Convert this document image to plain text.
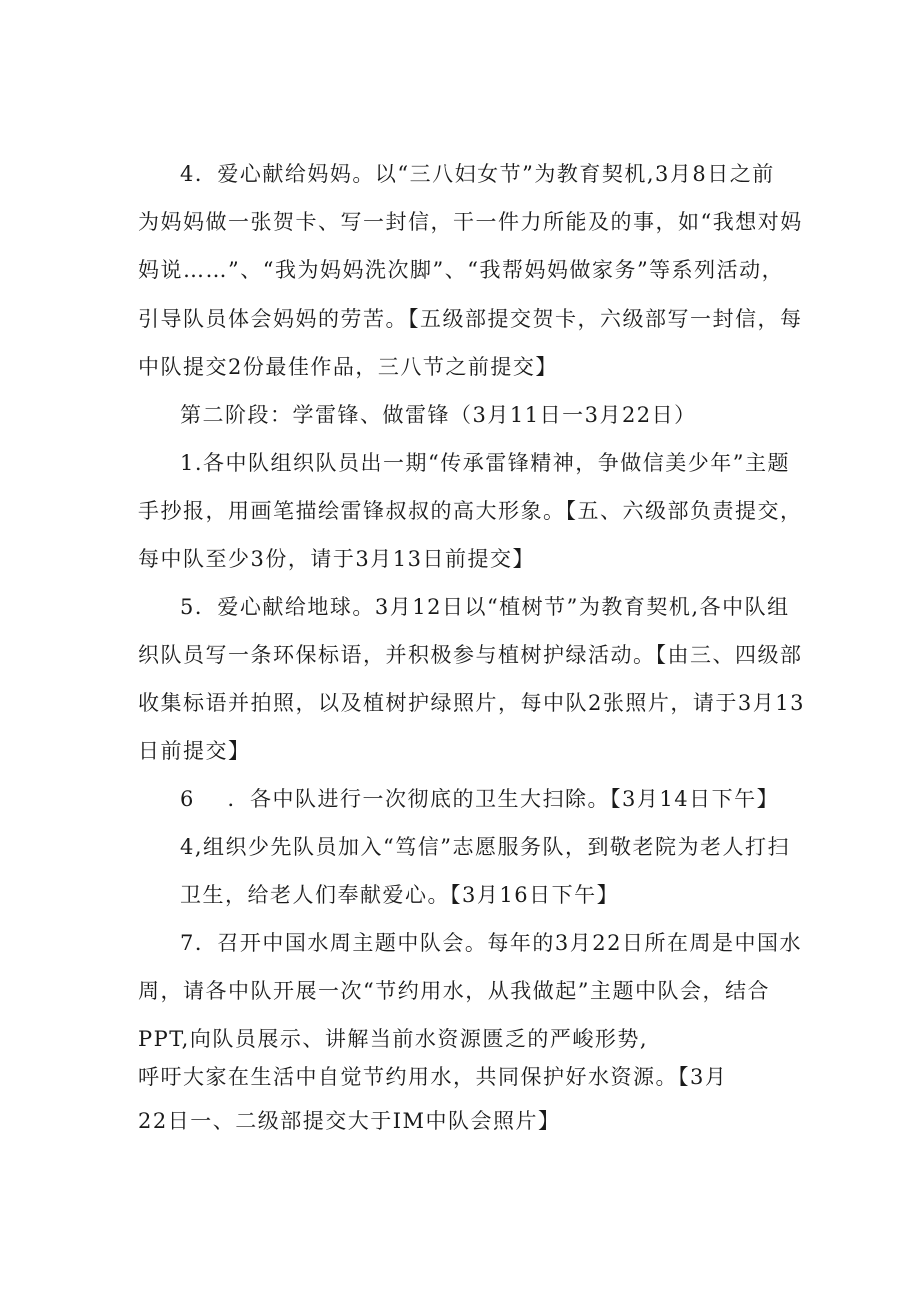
4．爱心献给妈妈。以“三八妇女节”为教育契机,3月8日之前
为妈妈做一张贺卡、写一封信，干一件力所能及的事，如“我想对妈
妈说……”、“我为妈妈洗次脚”、“我帮妈妈做家务”等系列活动，
引导队员体会妈妈的劳苦。【五级部提交贺卡，六级部写一封信，每
中队提交2份最佳作品，三八节之前提交】
第二阶段：学雷锋、做雷锋（3月11日一3月22日）
1.各中队组织队员出一期“传承雷锋精神，争做信美少年”主题
手抄报，用画笔描绘雷锋叔叔的高大形象。【五、六级部负责提交，
每中队至少3份，请于3月13日前提交】
5．爱心献给地球。3月12日以“植树节”为教育契机,各中队组
织队员写一条环保标语，并积极参与植树护绿活动。【由三、四级部
收集标语并拍照，以及植树护绿照片，每中队2张照片，请于3月13
日前提交】
6    ．各中队进行一次彻底的卫生大扫除。【3月14日下午】
4,组织少先队员加入“笃信”志愿服务队，到敬老院为老人打扫
卫生，给老人们奉献爱心。【3月16日下午】
7．召开中国水周主题中队会。每年的3月22日所在周是中国水
周，请各中队开展一次“节约用水，从我做起”主题中队会，结合
PPT,向队员展示、讲解当前水资源匮乏的严峻形势,
呼吁大家在生活中自觉节约用水，共同保护好水资源。【3月
22日一、二级部提交大于IM中队会照片】
